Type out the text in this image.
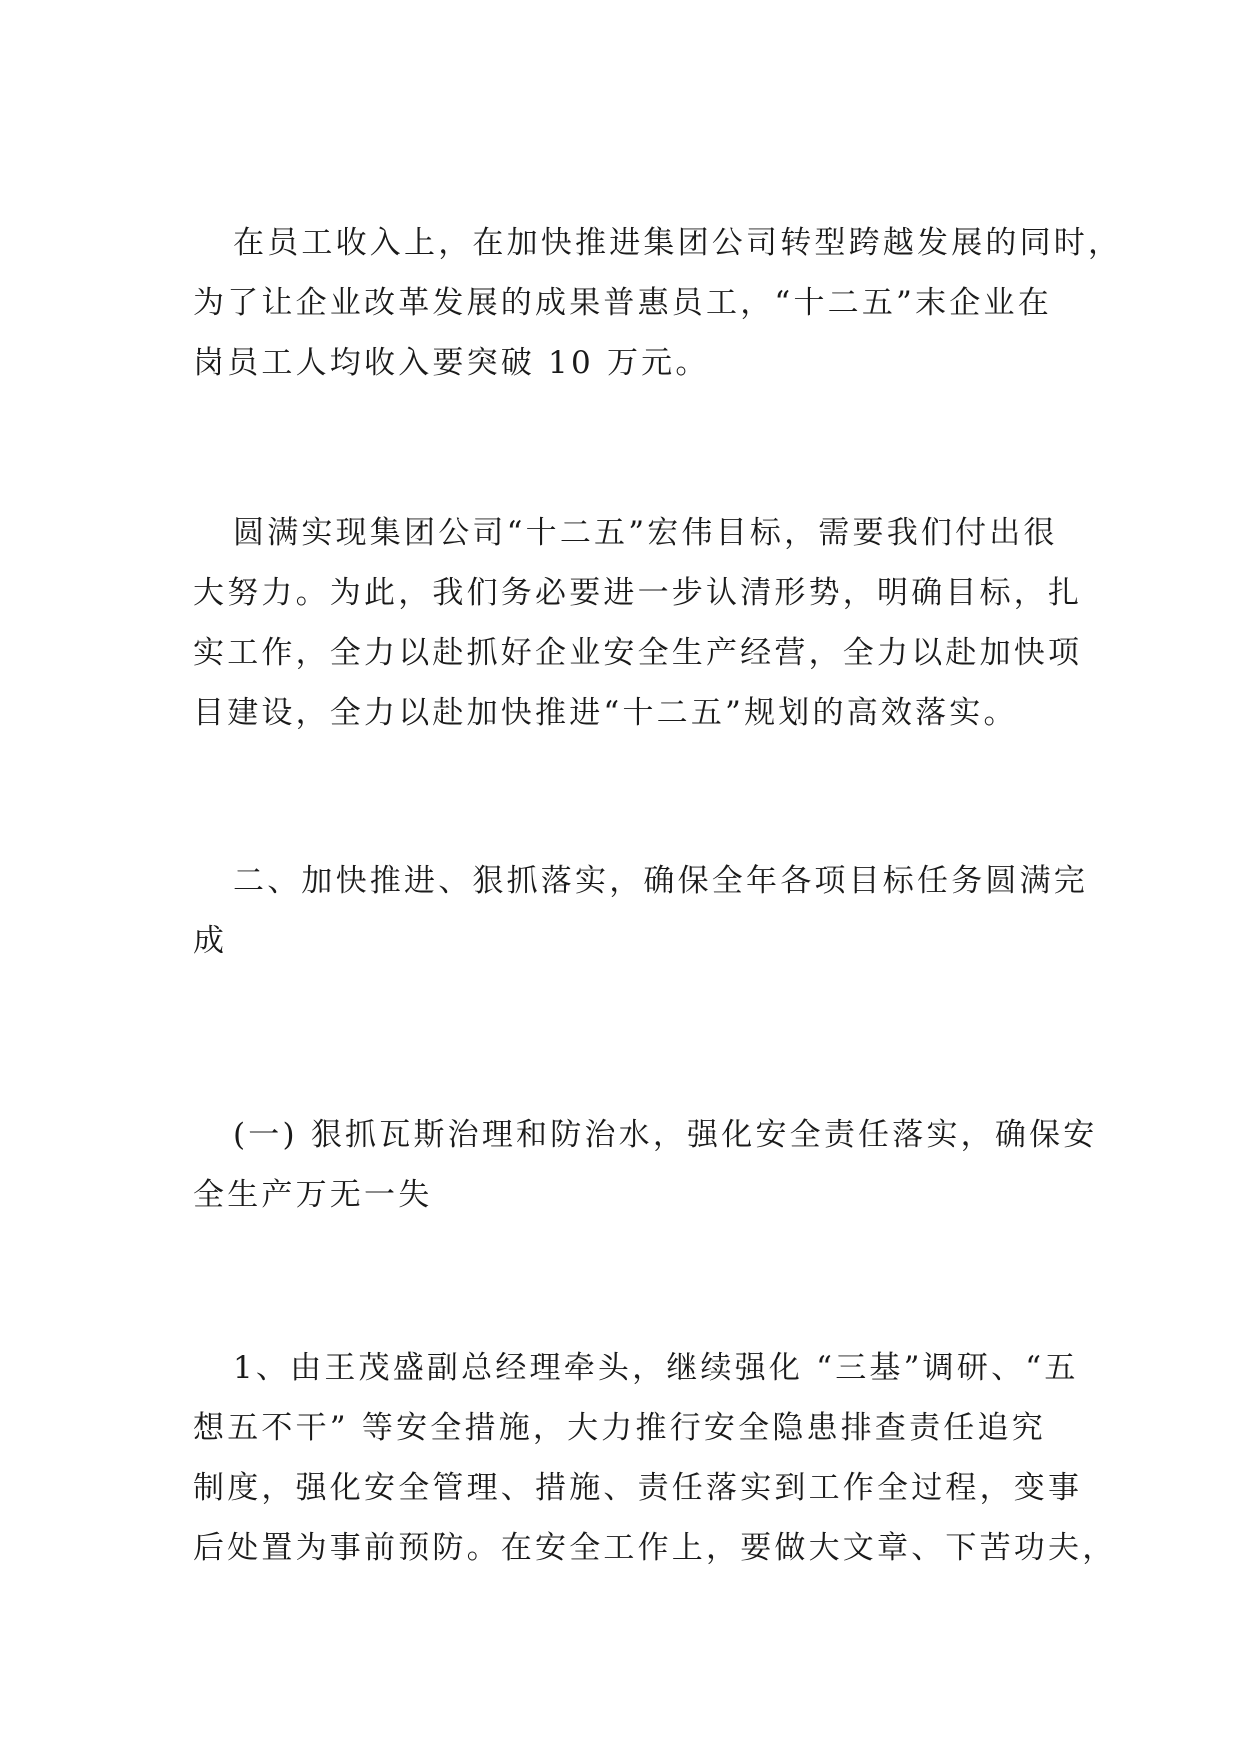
在员工收入上，在加快推进集团公司转型跨越发展的同时，
为了让企业改革发展的成果普惠员工，“十二五”末企业在
岗员工人均收入要突破 10 万元。

圆满实现集团公司“十二五”宏伟目标，需要我们付出很
大努力。为此，我们务必要进一步认清形势，明确目标，扎
实工作，全力以赴抓好企业安全生产经营，全力以赴加快项
目建设，全力以赴加快推进“十二五”规划的高效落实。

二、加快推进、狠抓落实，确保全年各项目标任务圆满完
成

(一) 狠抓瓦斯治理和防治水，强化安全责任落实，确保安
全生产万无一失

1、由王茂盛副总经理牵头，继续强化 “三基”调研、“五
想五不干” 等安全措施，大力推行安全隐患排查责任追究
制度，强化安全管理、措施、责任落实到工作全过程，变事
后处置为事前预防。在安全工作上，要做大文章、下苦功夫，
